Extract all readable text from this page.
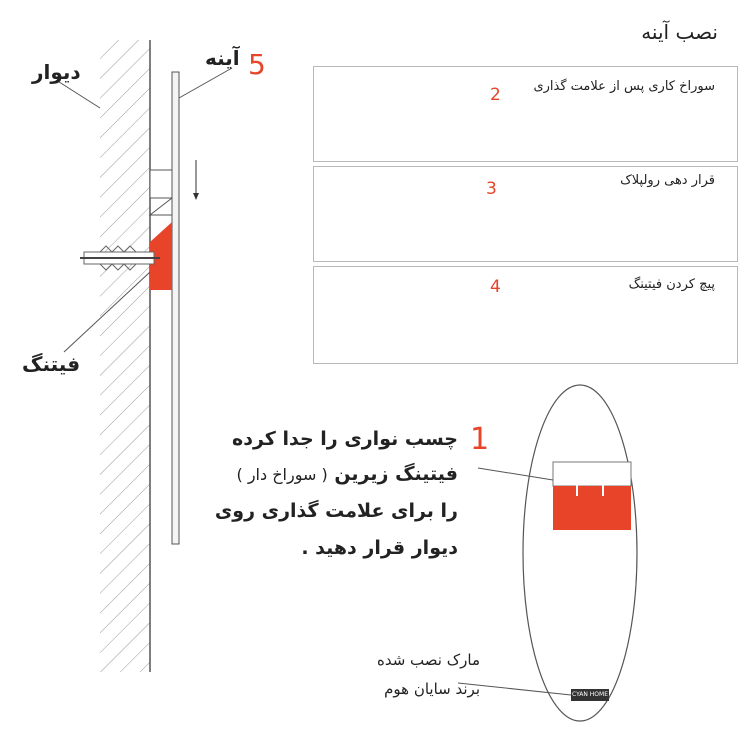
نصب آینه
دیوار
آینه 5
فیتنگ
سوراخ کاری پس از علامت گذاری
2
قرار دهی رولپلاک
3
پیچ کردن فیتینگ
4
1
چسب نواری را جدا کرده
فیتینگ زیرین ( سوراخ دار )
را برای علامت گذاری روی
دیوار قرار دهید .
مارک نصب شده
برند سایان هوم	CYAN HOME
